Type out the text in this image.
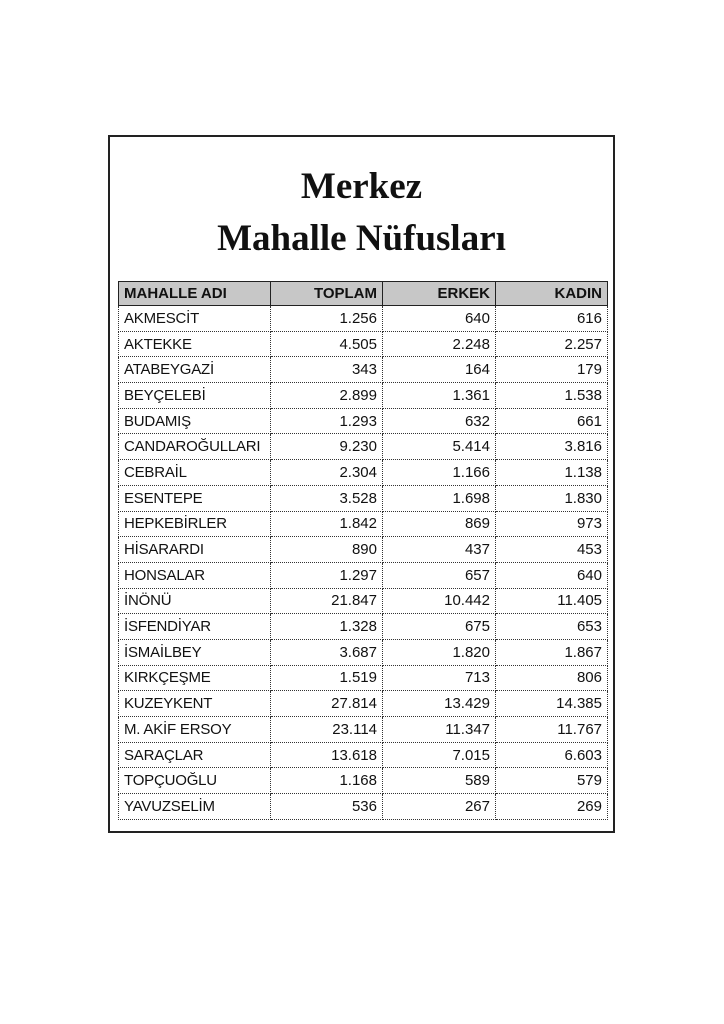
Merkez
Mahalle Nüfusları
MAHALLE ADI	TOPLAM	ERKEK	KADIN
AKMESCİT	1.256	640	616
AKTEKKE	4.505	2.248	2.257
ATABEYGAZİ	343	164	179
BEYÇELEBİ	2.899	1.361	1.538
BUDAMIŞ	1.293	632	661
CANDAROĞULLARI	9.230	5.414	3.816
CEBRAİL	2.304	1.166	1.138
ESENTEPE	3.528	1.698	1.830
HEPKEBİRLER	1.842	869	973
HİSARARDI	890	437	453
HONSALAR	1.297	657	640
İNÖNÜ	21.847	10.442	11.405
İSFENDİYAR	1.328	675	653
İSMAİLBEY	3.687	1.820	1.867
KIRKÇEŞME	1.519	713	806
KUZEYKENT	27.814	13.429	14.385
M. AKİF ERSOY	23.114	11.347	11.767
SARAÇLAR	13.618	7.015	6.603
TOPÇUOĞLU	1.168	589	579
YAVUZSELİM	536	267	269
